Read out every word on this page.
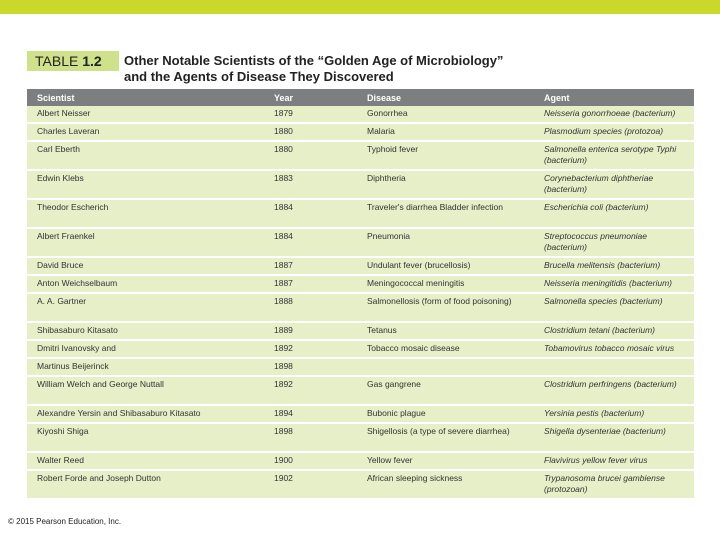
TABLE 1.2	Other Notable Scientists of the “Golden Age of Microbiology”
and the Agents of Disease They Discovered
Scientist	Year	Disease	Agent
Albert Neisser	1879	Gonorrhea	Neisseria gonorrhoeae (bacterium)
Charles Laveran	1880	Malaria	Plasmodium species (protozoa)
Carl Eberth	1880	Typhoid fever	Salmonella enterica serotype Typhi (bacterium)
Edwin Klebs	1883	Diphtheria	Corynebacterium diphtheriae (bacterium)
Theodor Escherich	1884	Traveler's diarrhea Bladder infection	Escherichia coli (bacterium)
Albert Fraenkel	1884	Pneumonia	Streptococcus pneumoniae (bacterium)
David Bruce	1887	Undulant fever (brucellosis)	Brucella melitensis (bacterium)
Anton Weichselbaum	1887	Meningococcal meningitis	Neisseria meningitidis (bacterium)
A. A. Gartner	1888	Salmonellosis (form of food poisoning)	Salmonella species (bacterium)
Shibasaburo Kitasato	1889	Tetanus	Clostridium tetani (bacterium)
Dmitri Ivanovsky and	1892	Tobacco mosaic disease	Tobamovirus tobacco mosaic virus
Martinus Beijerinck	1898		
William Welch and George Nuttall	1892	Gas gangrene	Clostridium perfringens (bacterium)
Alexandre Yersin and Shibasaburo Kitasato	1894	Bubonic plague	Yersinia pestis (bacterium)
Kiyoshi Shiga	1898	Shigellosis (a type of severe diarrhea)	Shigella dysenteriae (bacterium)
Walter Reed	1900	Yellow fever	Flavivirus yellow fever virus
Robert Forde and Joseph Dutton	1902	African sleeping sickness	Trypanosoma brucei gambiense (protozoan)
© 2015 Pearson Education, Inc.
